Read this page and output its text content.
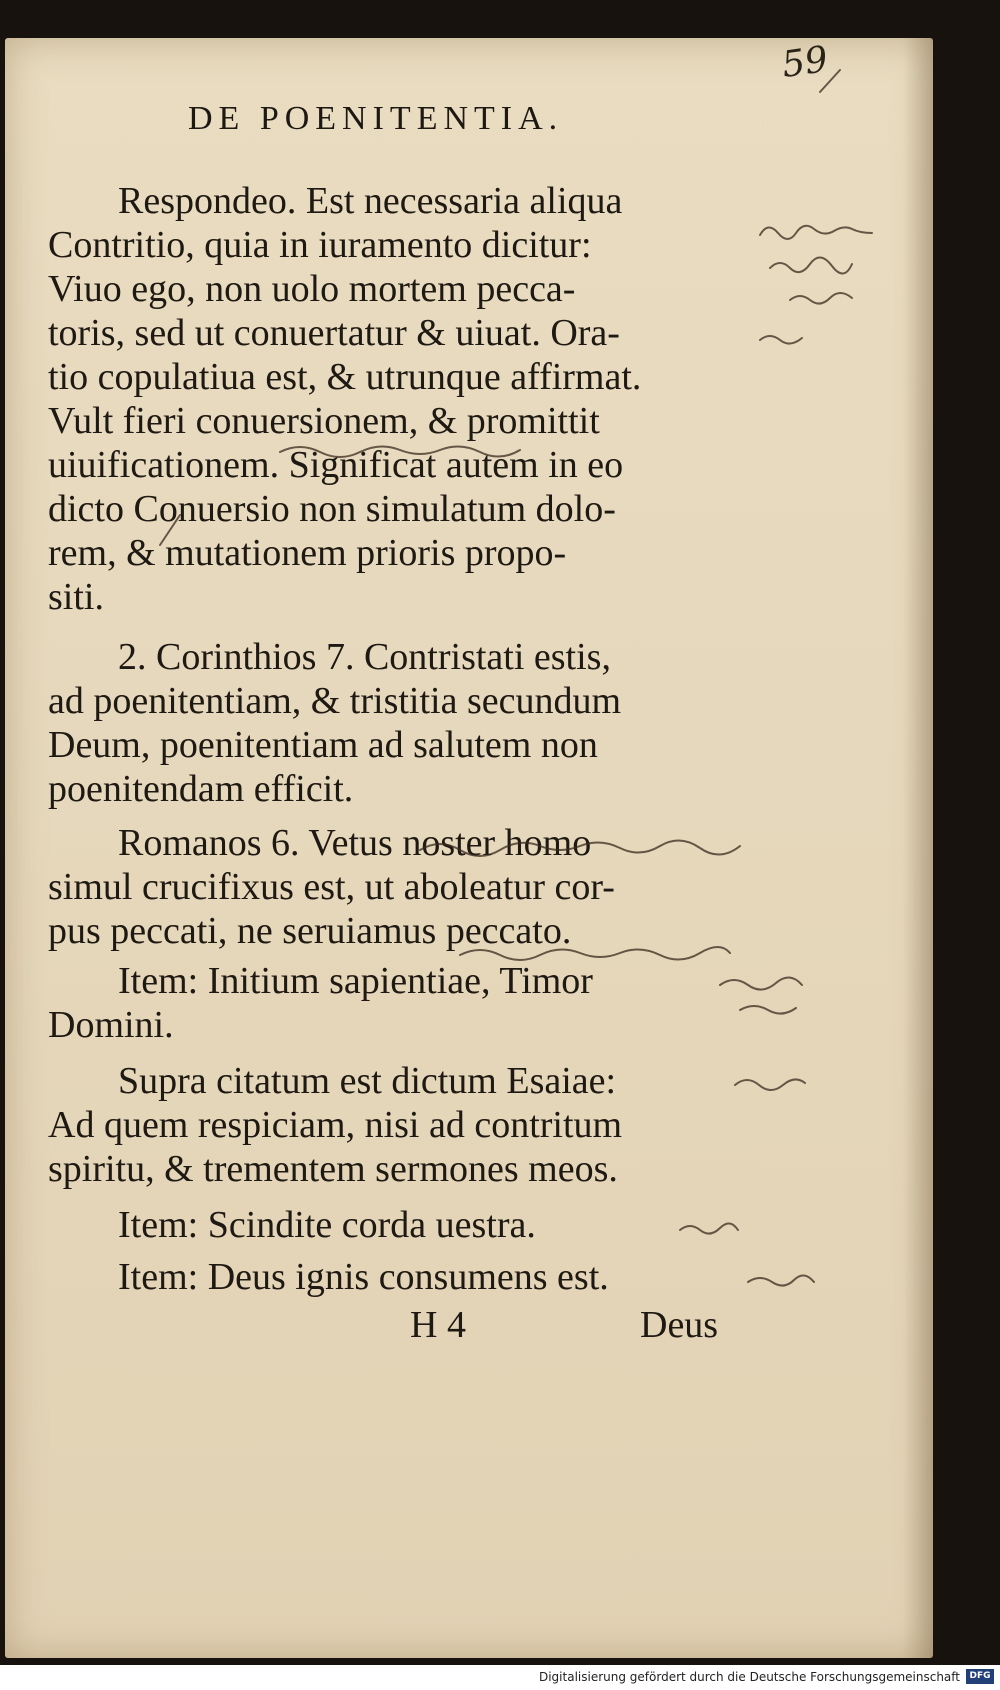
59
DE POENITENTIA.
Respondeo. Est necessaria aliqua
Contritio, quia in iuramento dicitur:
Viuo ego, non uolo mortem pecca-
toris, sed ut conuertatur & uiuat. Ora-
tio copulatiua est, & utrunque affirmat.
Vult fieri conuersionem, & promittit
uiuificationem. Significat autem in eo
dicto Conuersio non simulatum dolo-
rem, & mutationem prioris propo-
siti.
2. Corinthios 7. Contristati estis,
ad poenitentiam, & tristitia secundum
Deum, poenitentiam ad salutem non
poenitendam efficit.
Romanos 6. Vetus noster homo
simul crucifixus est, ut aboleatur cor-
pus peccati, ne seruiamus peccato.
Item: Initium sapientiae, Timor
Domini.
Supra citatum est dictum Esaiae:
Ad quem respiciam, nisi ad contritum
spiritu, & trementem sermones meos.
Item: Scindite corda uestra.
Item: Deus ignis consumens est.
H 4	Deus
Digitalisierung gefördert durch die Deutsche Forschungsgemeinschaft	DFG
